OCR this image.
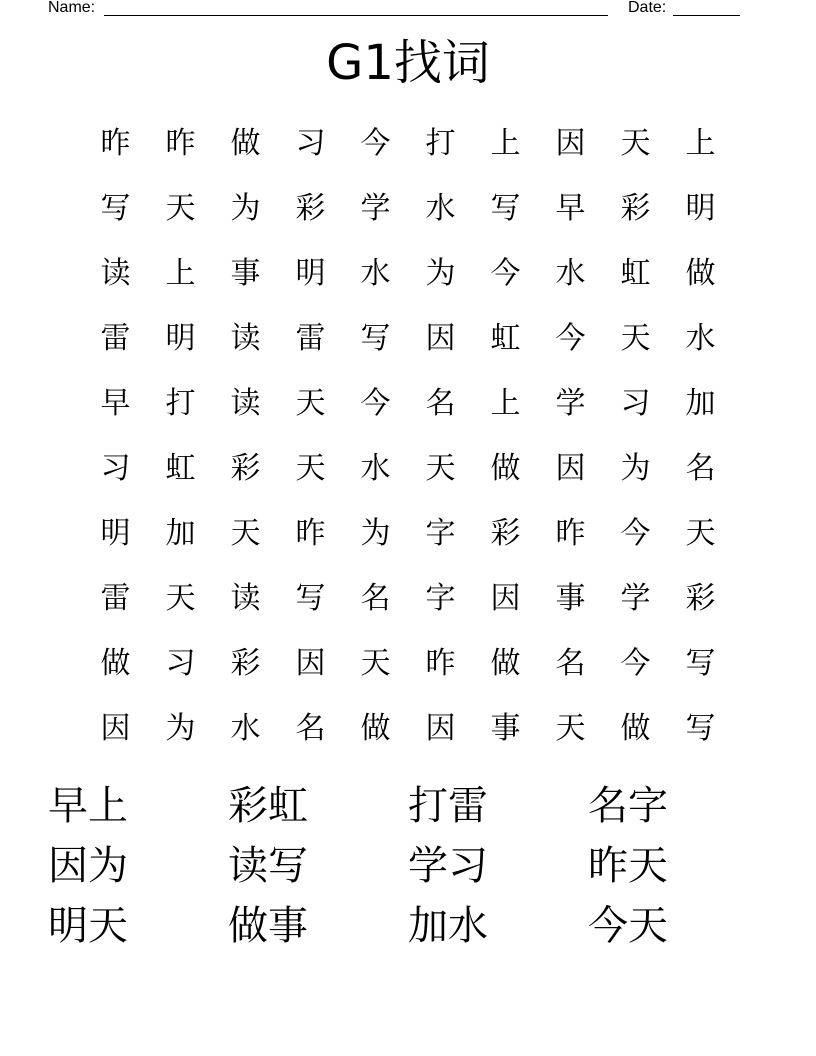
Name:	Date:
G1找词
昨	昨	做	习	今	打	上	因	天	上
写	天	为	彩	学	水	写	早	彩	明
读	上	事	明	水	为	今	水	虹	做
雷	明	读	雷	写	因	虹	今	天	水
早	打	读	天	今	名	上	学	习	加
习	虹	彩	天	水	天	做	因	为	名
明	加	天	昨	为	字	彩	昨	今	天
雷	天	读	写	名	字	因	事	学	彩
做	习	彩	因	天	昨	做	名	今	写
因	为	水	名	做	因	事	天	做	写
早上	彩虹	打雷	名字
因为	读写	学习	昨天
明天	做事	加水	今天
